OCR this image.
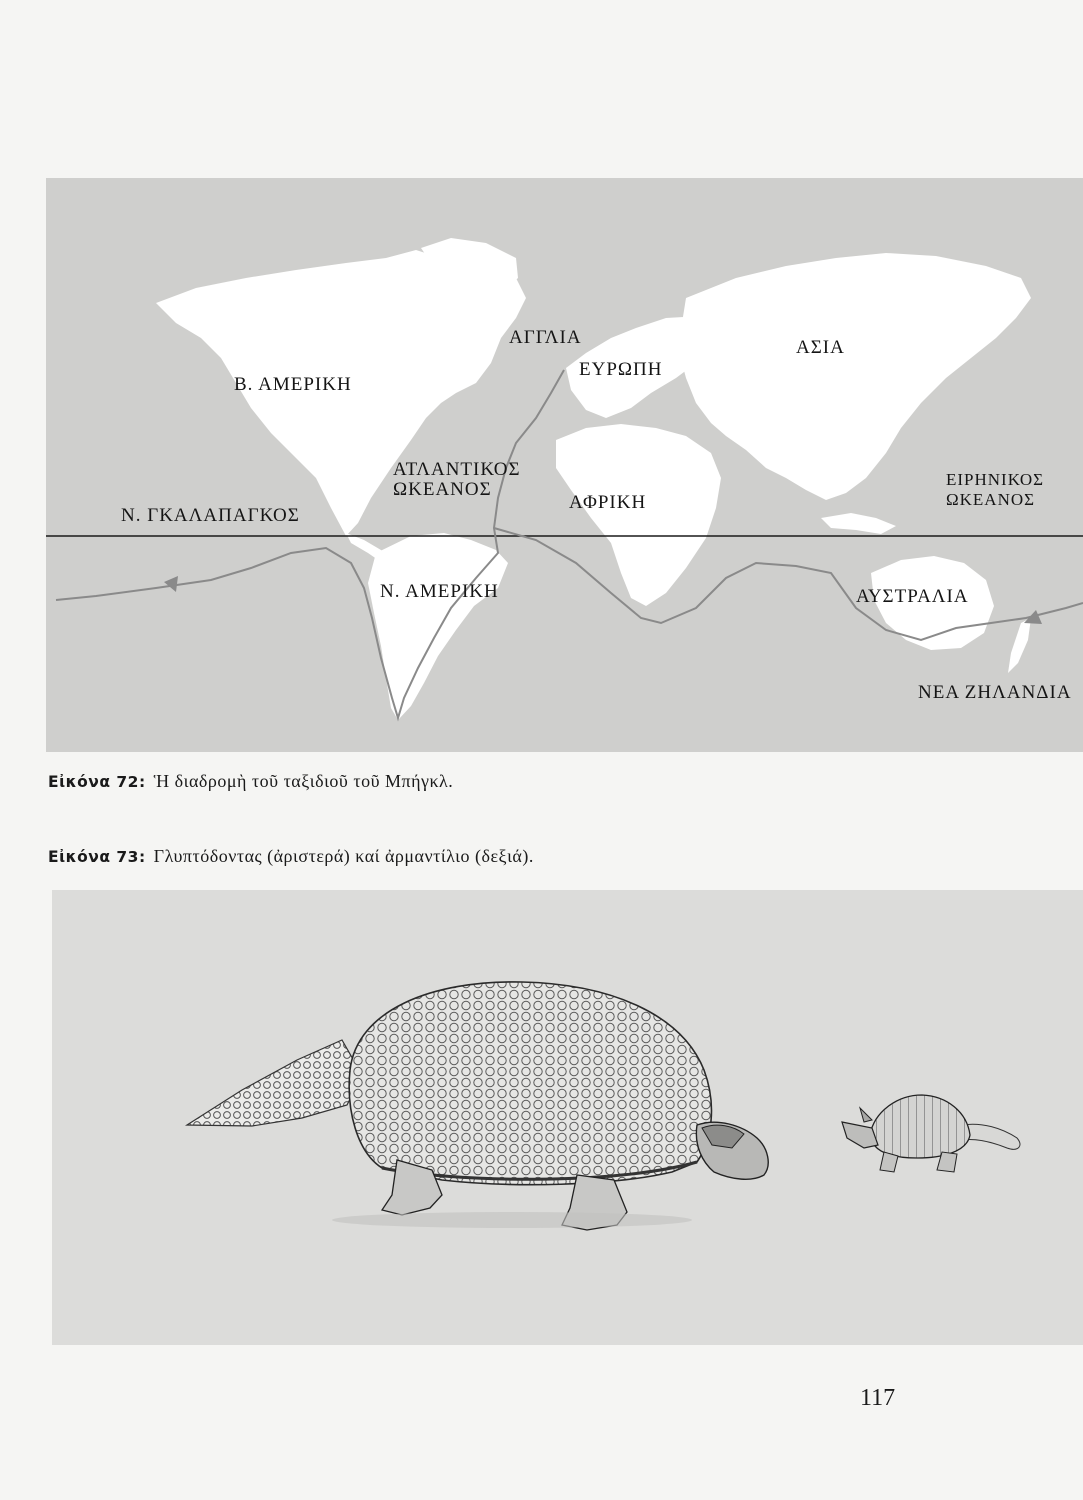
Β. ΑΜΕΡΙΚΗ
ΑΓΓΛΙΑ
ΕΥΡΩΠΗ
ΑΣΙΑ
ΑΤΛΑΝΤΙΚΟΣ
ΩΚΕΑΝΟΣ
Ν. ΓΚΑΛΑΠΑΓΚΟΣ
ΑΦΡΙΚΗ
ΕΙΡΗΝΙΚΟΣ
ΩΚΕΑΝΟΣ
Ν. ΑΜΕΡΙΚΗ	ΑΥΣΤΡΑΛΙΑ
ΝΕΑ ΖΗΛΑΝΔΙΑ
Εἰκόνα 72: Ἡ διαδρομὴ τοῦ ταξιδιοῦ τοῦ Μπήγκλ.
Εἰκόνα 73: Γλυπτόδοντας (ἀριστερά) καί ἀρμαντίλιο (δεξιά).
117
